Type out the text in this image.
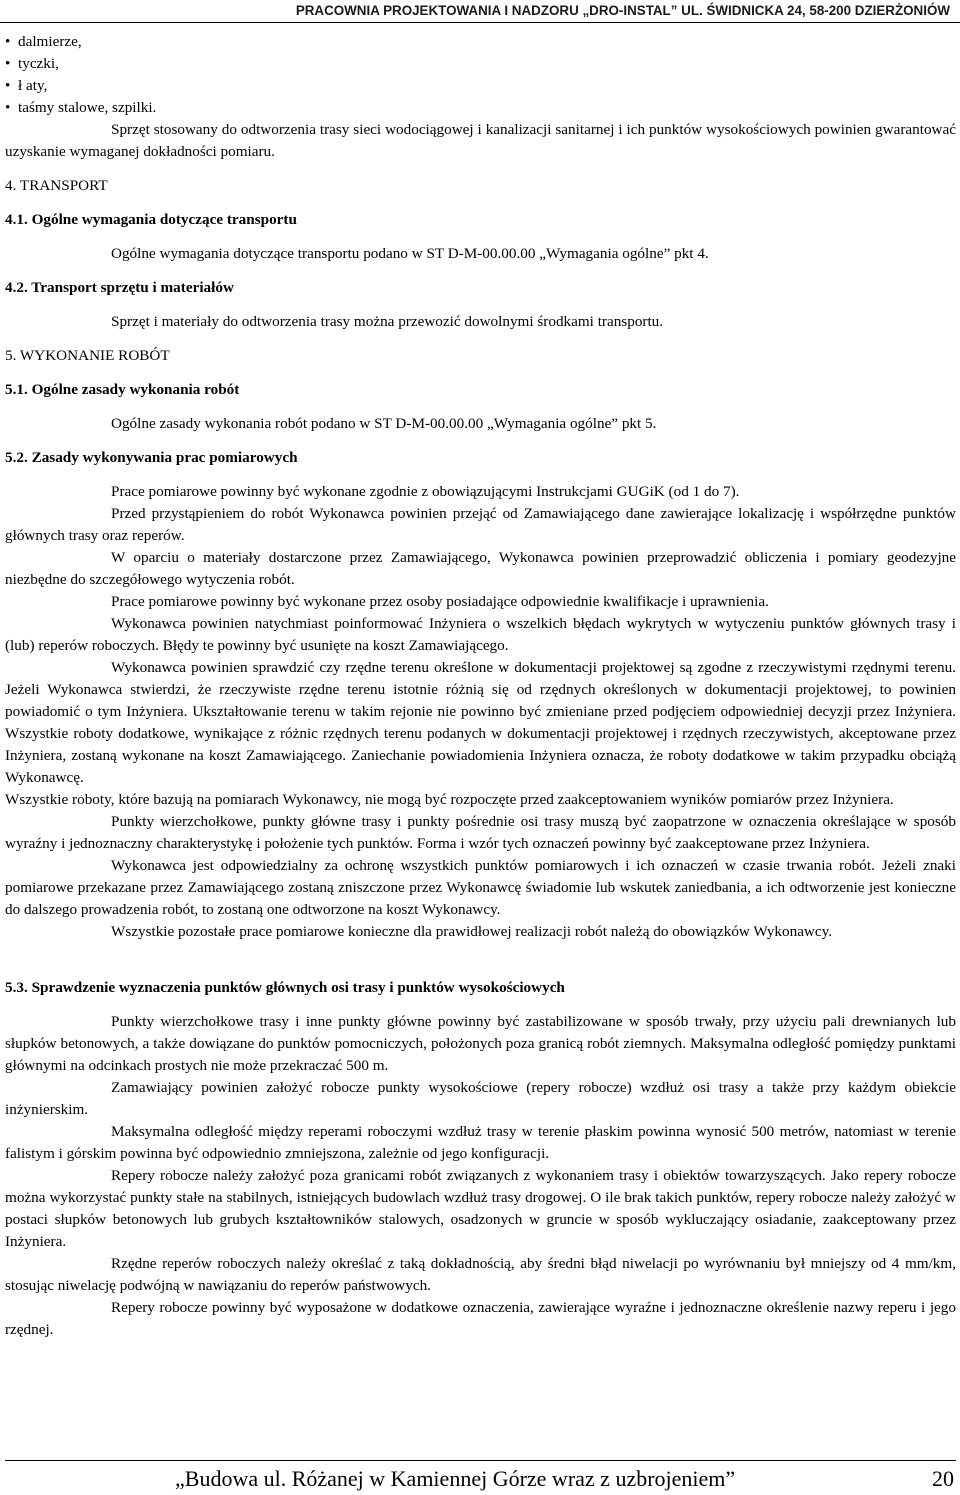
PRACOWNIA PROJEKTOWANIA I NADZORU „DRO-INSTAL” UL. ŚWIDNICKA 24, 58-200 DZIERŻONIÓW
• dalmierze,
• tyczki,
• ł aty,
• taśmy stalowe, szpilki.

Sprzęt stosowany do odtworzenia trasy sieci wodociągowej i kanalizacji sanitarnej i ich punktów wysokościowych powinien gwarantować uzyskanie wymaganej dokładności pomiaru.

4. TRANSPORT

4.1. Ogólne wymagania dotyczące transportu

Ogólne wymagania dotyczące transportu podano w ST D-M-00.00.00 „Wymagania ogólne” pkt 4.

4.2. Transport sprzętu i materiałów

Sprzęt i materiały do odtworzenia trasy można przewozić dowolnymi środkami transportu.

5. WYKONANIE ROBÓT

5.1. Ogólne zasady wykonania robót

Ogólne zasady wykonania robót podano w ST D-M-00.00.00 „Wymagania ogólne” pkt 5.

5.2. Zasady wykonywania prac pomiarowych

Prace pomiarowe powinny być wykonane zgodnie z obowiązującymi Instrukcjami GUGiK (od 1 do 7).

Przed przystąpieniem do robót Wykonawca powinien przejąć od Zamawiającego dane zawierające lokalizację i współrzędne punktów głównych trasy oraz reperów.

W oparciu o materiały dostarczone przez Zamawiającego, Wykonawca powinien przeprowadzić obliczenia i pomiary geodezyjne niezbędne do szczegółowego wytyczenia robót.

Prace pomiarowe powinny być wykonane przez osoby posiadające odpowiednie kwalifikacje i uprawnienia.

Wykonawca powinien natychmiast poinformować Inżyniera o wszelkich błędach wykrytych w wytyczeniu punktów głównych trasy i (lub) reperów roboczych. Błędy te powinny być usunięte na koszt Zamawiającego.

Wykonawca powinien sprawdzić czy rzędne terenu określone w dokumentacji projektowej są zgodne z rzeczywistymi rzędnymi terenu. Jeżeli Wykonawca stwierdzi, że rzeczywiste rzędne terenu istotnie różnią się od rzędnych określonych w dokumentacji projektowej, to powinien powiadomić o tym Inżyniera. Ukształtowanie terenu w takim rejonie nie powinno być zmieniane przed podjęciem odpowiedniej decyzji przez Inżyniera. Wszystkie roboty dodatkowe, wynikające z różnic rzędnych terenu podanych w dokumentacji projektowej i rzędnych rzeczywistych, akceptowane przez Inżyniera, zostaną wykonane na koszt Zamawiającego. Zaniechanie powiadomienia Inżyniera oznacza, że roboty dodatkowe w takim przypadku obciążą Wykonawcę.

Wszystkie roboty, które bazują na pomiarach Wykonawcy, nie mogą być rozpoczęte przed zaakceptowaniem wyników pomiarów przez Inżyniera.

Punkty wierzchołkowe, punkty główne trasy i punkty pośrednie osi trasy muszą być zaopatrzone w oznaczenia określające w sposób wyraźny i jednoznaczny charakterystykę i położenie tych punktów. Forma i wzór tych oznaczeń powinny być zaakceptowane przez Inżyniera.

Wykonawca jest odpowiedzialny za ochronę wszystkich punktów pomiarowych i ich oznaczeń w czasie trwania robót. Jeżeli znaki pomiarowe przekazane przez Zamawiającego zostaną zniszczone przez Wykonawcę świadomie lub wskutek zaniedbania, a ich odtworzenie jest konieczne do dalszego prowadzenia robót, to zostaną one odtworzone na koszt Wykonawcy.

Wszystkie pozostałe prace pomiarowe konieczne dla prawidłowej realizacji robót należą do obowiązków Wykonawcy.

5.3. Sprawdzenie wyznaczenia punktów głównych osi trasy i punktów wysokościowych

Punkty wierzchołkowe trasy i inne punkty główne powinny być zastabilizowane w sposób trwały, przy użyciu pali drewnianych lub słupków betonowych, a także dowiązane do punktów pomocniczych, położonych poza granicą robót ziemnych. Maksymalna odległość pomiędzy punktami głównymi na odcinkach prostych nie może przekraczać 500 m.

Zamawiający powinien założyć robocze punkty wysokościowe (repery robocze) wzdłuż osi trasy a także przy każdym obiekcie inżynierskim.

Maksymalna odległość między reperami roboczymi wzdłuż trasy w terenie płaskim powinna wynosić 500 metrów, natomiast w terenie falistym i górskim powinna być odpowiednio zmniejszona, zależnie od jego konfiguracji.

Repery robocze należy założyć poza granicami robót związanych z wykonaniem trasy i obiektów towarzyszących. Jako repery robocze można wykorzystać punkty stałe na stabilnych, istniejących budowlach wzdłuż trasy drogowej. O ile brak takich punktów, repery robocze należy założyć w postaci słupków betonowych lub grubych kształtowników stalowych, osadzonych w gruncie w sposób wykluczający osiadanie, zaakceptowany przez Inżyniera.

Rzędne reperów roboczych należy określać z taką dokładnością, aby średni błąd niwelacji po wyrównaniu był mniejszy od 4 mm/km, stosując niwelację podwójną w nawiązaniu do reperów państwowych.

Repery robocze powinny być wyposażone w dodatkowe oznaczenia, zawierające wyraźne i jednoznaczne określenie nazwy reperu i jego rzędnej.

„Budowa ul. Różanej w Kamiennej Górze wraz z uzbrojeniem”	20
